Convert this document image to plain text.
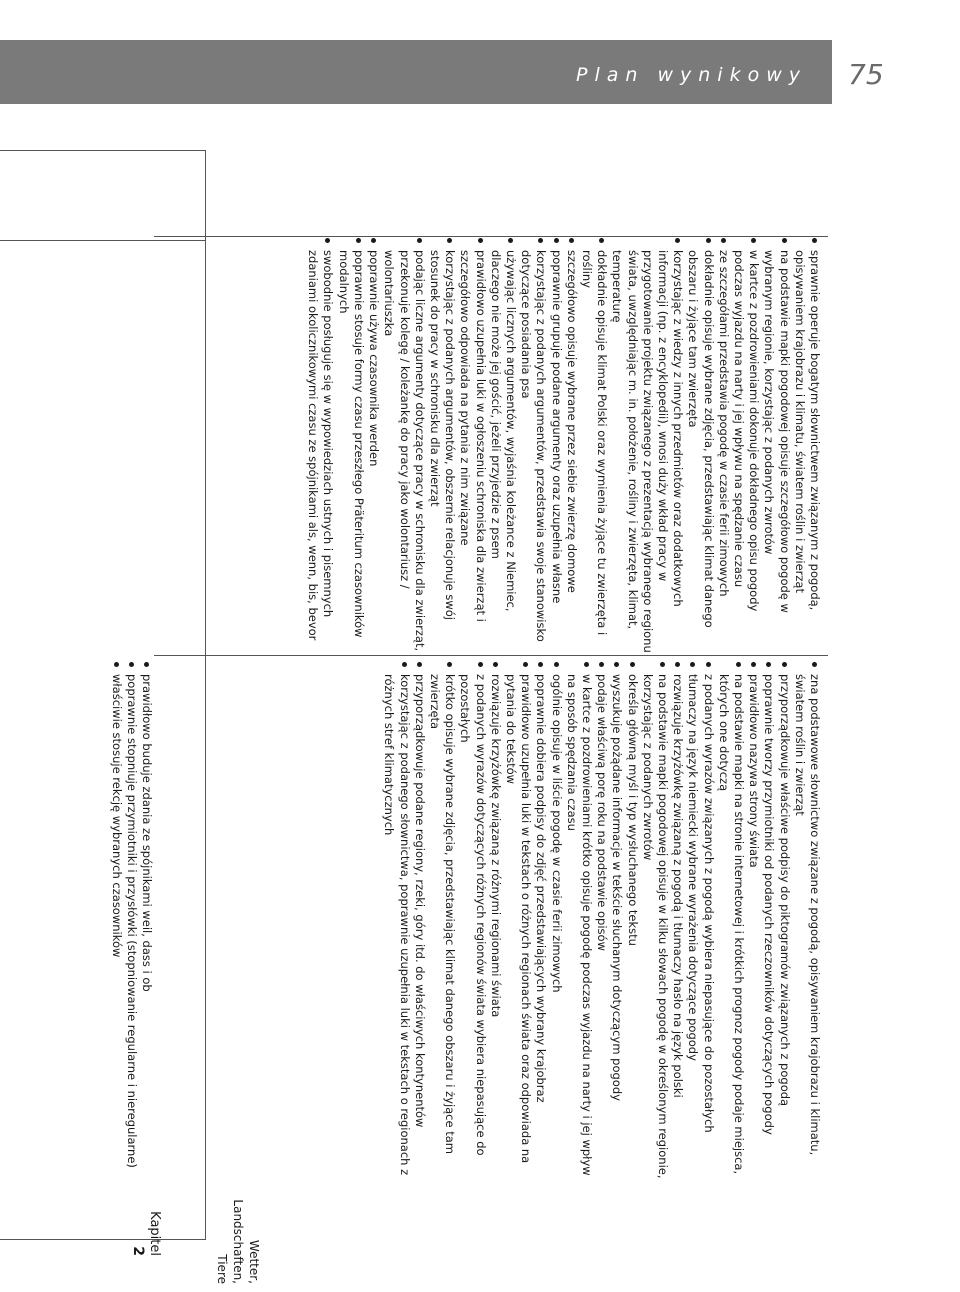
Plan wynikowy 75
Kapitel
2	Wetter,
Landschaften,
Tiere
prawidłowo buduje zdania ze spójnikami weil, dass i ob
poprawnie stopniuje przymiotniki i przysłówki (stopniowanie regularne i nieregularne)
właściwie stosuje rekcję wybranych czasowników	zna podstawowe słownictwo związane z pogodą, opisywaniem krajobrazu i klimatu, światem roślin i zwierząt
przyporządkowuje właściwe podpisy do piktogramów związanych z pogodą
poprawnie tworzy przymiotniki od podanych rzeczowników dotyczących pogody
prawidłowo nazywa strony świata
na podstawie mapki na stronie internetowej i krótkich prognoz pogody podaje miejsca, których one dotyczą
z podanych wyrazów związanych z pogodą wybiera niepasujące do pozostałych
tłumaczy na język niemiecki wybrane wyrażenia dotyczące pogody
rozwiązuje krzyżówkę związaną z pogodą i tłumaczy hasło na język polski
na podstawie mapki pogodowej opisuje w kilku słowach pogodę w określonym regionie, korzystając z podanych zwrotów
określa główną myśl i typ wysłuchanego tekstu
wyszukuje pożądane informacje w tekście słuchanym dotyczącym pogody
podaje właściwą porę roku na podstawie opisów
w kartce z pozdrowieniami krótko opisuje pogodę podczas wyjazdu na narty i jej wpływ na sposób spędzania czasu
ogólnie opisuje w liście pogodę w czasie ferii zimowych
poprawnie dobiera podpisy do zdjęć przedstawiających wybrany krajobraz
prawidłowo uzupełnia luki w tekstach o różnych regionach świata oraz odpowiada na pytania do tekstów
rozwiązuje krzyżówkę związaną z różnymi regionami świata
z podanych wyrazów dotyczących różnych regionów świata wybiera niepasujące do pozostałych
krótko opisuje wybrane zdjęcia, przedstawiając klimat danego obszaru i żyjące tam zwierzęta
przyporządkowuje podane regiony, rzeki, góry itd. do właściwych kontynentów
korzystając z podanego słownictwa, poprawnie uzupełnia luki w tekstach o regionach z różnych stref klimatycznych
sprawnie operuje bogatym słownictwem związanym z pogodą, opisywaniem krajobrazu i klimatu, światem roślin i zwierząt
na podstawie mapki pogodowej opisuje szczegółowo pogodę w wybranym regionie, korzystając z podanych zwrotów
w kartce z pozdrowieniami dokonuje dokładnego opisu pogody podczas wyjazdu na narty i jej wpływu na spędzanie czasu
ze szczegółami przedstawia pogodę w czasie ferii zimowych
dokładnie opisuje wybrane zdjęcia, przedstawiając klimat danego obszaru i żyjące tam zwierzęta
korzystając z wiedzy z innych przedmiotów oraz dodatkowych informacji (np. z encyklopedii), wnosi duży wkład pracy w przygotowanie projektu związanego z prezentacją wybranego regionu świata, uwzględniając m. in. położenie, rośliny i zwierzęta, klimat, temperaturę
dokładnie opisuje klimat Polski oraz wymienia żyjące tu zwierzęta i rośliny
szczegółowo opisuje wybrane przez siebie zwierzę domowe
poprawnie grupuje podane argumenty oraz uzupełnia własne
korzystając z podanych argumentów, przedstawia swoje stanowisko dotyczące posiadania psa
używając licznych argumentów, wyjaśnia koleżance z Niemiec, dlaczego nie może jej gościć, jeżeli przyjedzie z psem
prawidłowo uzupełnia luki w ogłoszeniu schroniska dla zwierząt i szczegółowo odpowiada na pytania z nim związane
korzystając z podanych argumentów, obszernie relacjonuje swój stosunek do pracy w schronisku dla zwierząt
podając liczne argumenty dotyczące pracy w schronisku dla zwierząt, przekonuje kolegę / koleżankę do pracy jako wolontariusz / wolontariuszka
poprawnie używa czasownika werden
poprawnie stosuje formy czasu przeszłego Präteritum czasowników modalnych
swobodnie posługuje się w wypowiedziach ustnych i pisemnych zdaniami okolicznikowymi czasu ze spójnikami als, wenn, bis, bevor
